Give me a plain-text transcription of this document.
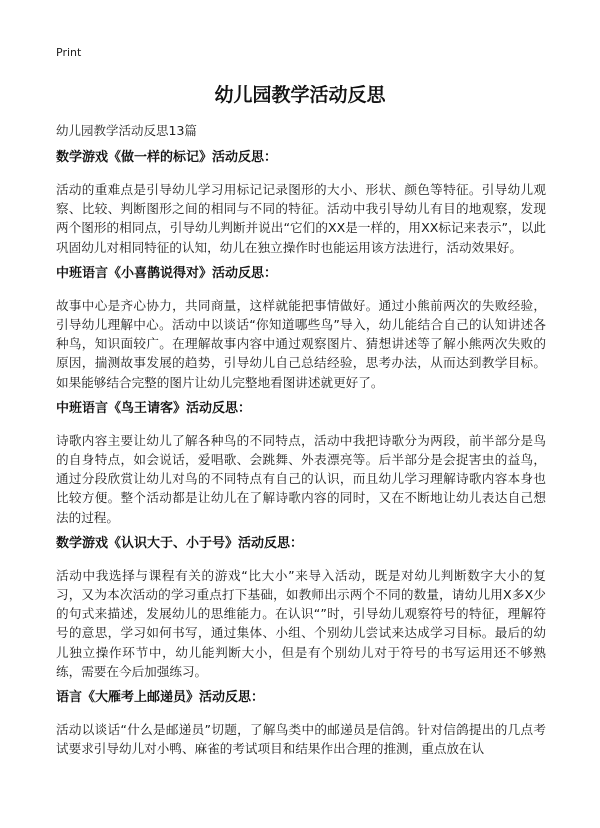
Print
幼儿园教学活动反思
幼儿园教学活动反思13篇
数学游戏《做一样的标记》活动反思：

活动的重难点是引导幼儿学习用标记记录图形的大小、形状、颜色等特征。引导幼儿观察、比较、判断图形之间的相同与不同的特征。活动中我引导幼儿有目的地观察，发现两个图形的相同点，引导幼儿判断并说出“它们的XX是一样的，用XX标记来表示”，以此巩固幼儿对相同特征的认知，幼儿在独立操作时也能运用该方法进行，活动效果好。

中班语言《小喜鹊说得对》活动反思：

故事中心是齐心协力，共同商量，这样就能把事情做好。通过小熊前两次的失败经验，引导幼儿理解中心。活动中以谈话“你知道哪些鸟”导入，幼儿能结合自己的认知讲述各种鸟，知识面较广。在理解故事内容中通过观察图片、猜想讲述等了解小熊两次失败的原因，揣测故事发展的趋势，引导幼儿自己总结经验，思考办法，从而达到教学目标。如果能够结合完整的图片让幼儿完整地看图讲述就更好了。

中班语言《鸟王请客》活动反思：

诗歌内容主要让幼儿了解各种鸟的不同特点，活动中我把诗歌分为两段，前半部分是鸟的自身特点，如会说话，爱唱歌、会跳舞、外表漂亮等。后半部分是会捉害虫的益鸟，通过分段欣赏让幼儿对鸟的不同特点有自己的认识，而且幼儿学习理解诗歌内容本身也比较方便。整个活动都是让幼儿在了解诗歌内容的同时，又在不断地让幼儿表达自己想法的过程。

数学游戏《认识大于、小于号》活动反思：

活动中我选择与课程有关的游戏“比大小”来导入活动，既是对幼儿判断数字大小的复习，又为本次活动的学习重点打下基础，如教师出示两个不同的数量，请幼儿用X多X少的句式来描述，发展幼儿的思维能力。在认识“”时，引导幼儿观察符号的特征，理解符号的意思，学习如何书写，通过集体、小组、个别幼儿尝试来达成学习目标。最后的幼儿独立操作环节中，幼儿能判断大小，但是有个别幼儿对于符号的书写运用还不够熟练，需要在今后加强练习。

语言《大雁考上邮递员》活动反思：

活动以谈话“什么是邮递员”切题，了解鸟类中的邮递员是信鸽。针对信鸽提出的几点考试要求引导幼儿对小鸭、麻雀的考试项目和结果作出合理的推测，重点放在认
